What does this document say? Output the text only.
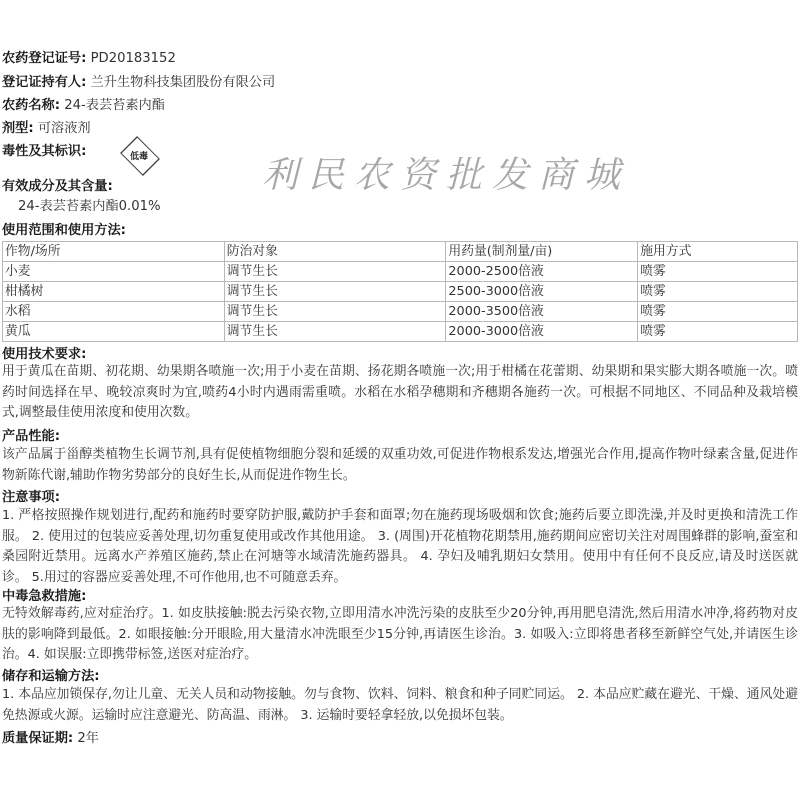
农药登记证号: PD20183152
登记证持有人: 兰升生物科技集团股份有限公司
农药名称: 24-表芸苔素内酯
剂型: 可溶液剂
毒性及其标识:	低毒	利民农资批发商城
有效成分及其含量:
24-表芸苔素内酯0.01%
使用范围和使用方法:
作物/场所	防治对象	用药量(制剂量/亩)	施用方式
小麦	调节生长	2000-2500倍液	喷雾
柑橘树	调节生长	2500-3000倍液	喷雾
水稻	调节生长	2000-3500倍液	喷雾
黄瓜	调节生长	2000-3000倍液	喷雾
使用技术要求:
用于黄瓜在苗期、初花期、幼果期各喷施一次;用于小麦在苗期、扬花期各喷施一次;用于柑橘在花蕾期、幼果期和果实膨大期各喷施一次。喷药时间选择在早、晚较凉爽时为宜,喷药4小时内遇雨需重喷。水稻在水稻孕穗期和齐穗期各施药一次。可根据不同地区、不同品种及栽培模式,调整最佳使用浓度和使用次数。
产品性能:
该产品属于甾醇类植物生长调节剂,具有促使植物细胞分裂和延缓的双重功效,可促进作物根系发达,增强光合作用,提高作物叶绿素含量,促进作物新陈代谢,辅助作物劣势部分的良好生长,从而促进作物生长。
注意事项:
1. 严格按照操作规划进行,配药和施药时要穿防护服,戴防护手套和面罩;勿在施药现场吸烟和饮食;施药后要立即洗澡,并及时更换和清洗工作服。 2. 使用过的包装应妥善处理,切勿重复使用或改作其他用途。 3. (周围)开花植物花期禁用,施药期间应密切关注对周围蜂群的影响,蚕室和桑园附近禁用。远离水产养殖区施药,禁止在河塘等水域清洗施药器具。 4. 孕妇及哺乳期妇女禁用。使用中有任何不良反应,请及时送医就诊。 5.用过的容器应妥善处理,不可作他用,也不可随意丢弃。
中毒急救措施:
无特效解毒药,应对症治疗。1. 如皮肤接触:脱去污染衣物,立即用清水冲洗污染的皮肤至少20分钟,再用肥皂清洗,然后用清水冲净,将药物对皮肤的影响降到最低。2. 如眼接触:分开眼睑,用大量清水冲洗眼至少15分钟,再请医生诊治。3. 如吸入:立即将患者移至新鲜空气处,并请医生诊治。4. 如误服:立即携带标签,送医对症治疗。
储存和运输方法:
1. 本品应加锁保存,勿让儿童、无关人员和动物接触。勿与食物、饮料、饲料、粮食和种子同贮同运。 2. 本品应贮藏在避光、干燥、通风处避免热源或火源。运输时应注意避光、防高温、雨淋。 3. 运输时要轻拿轻放,以免损坏包装。
质量保证期: 2年
